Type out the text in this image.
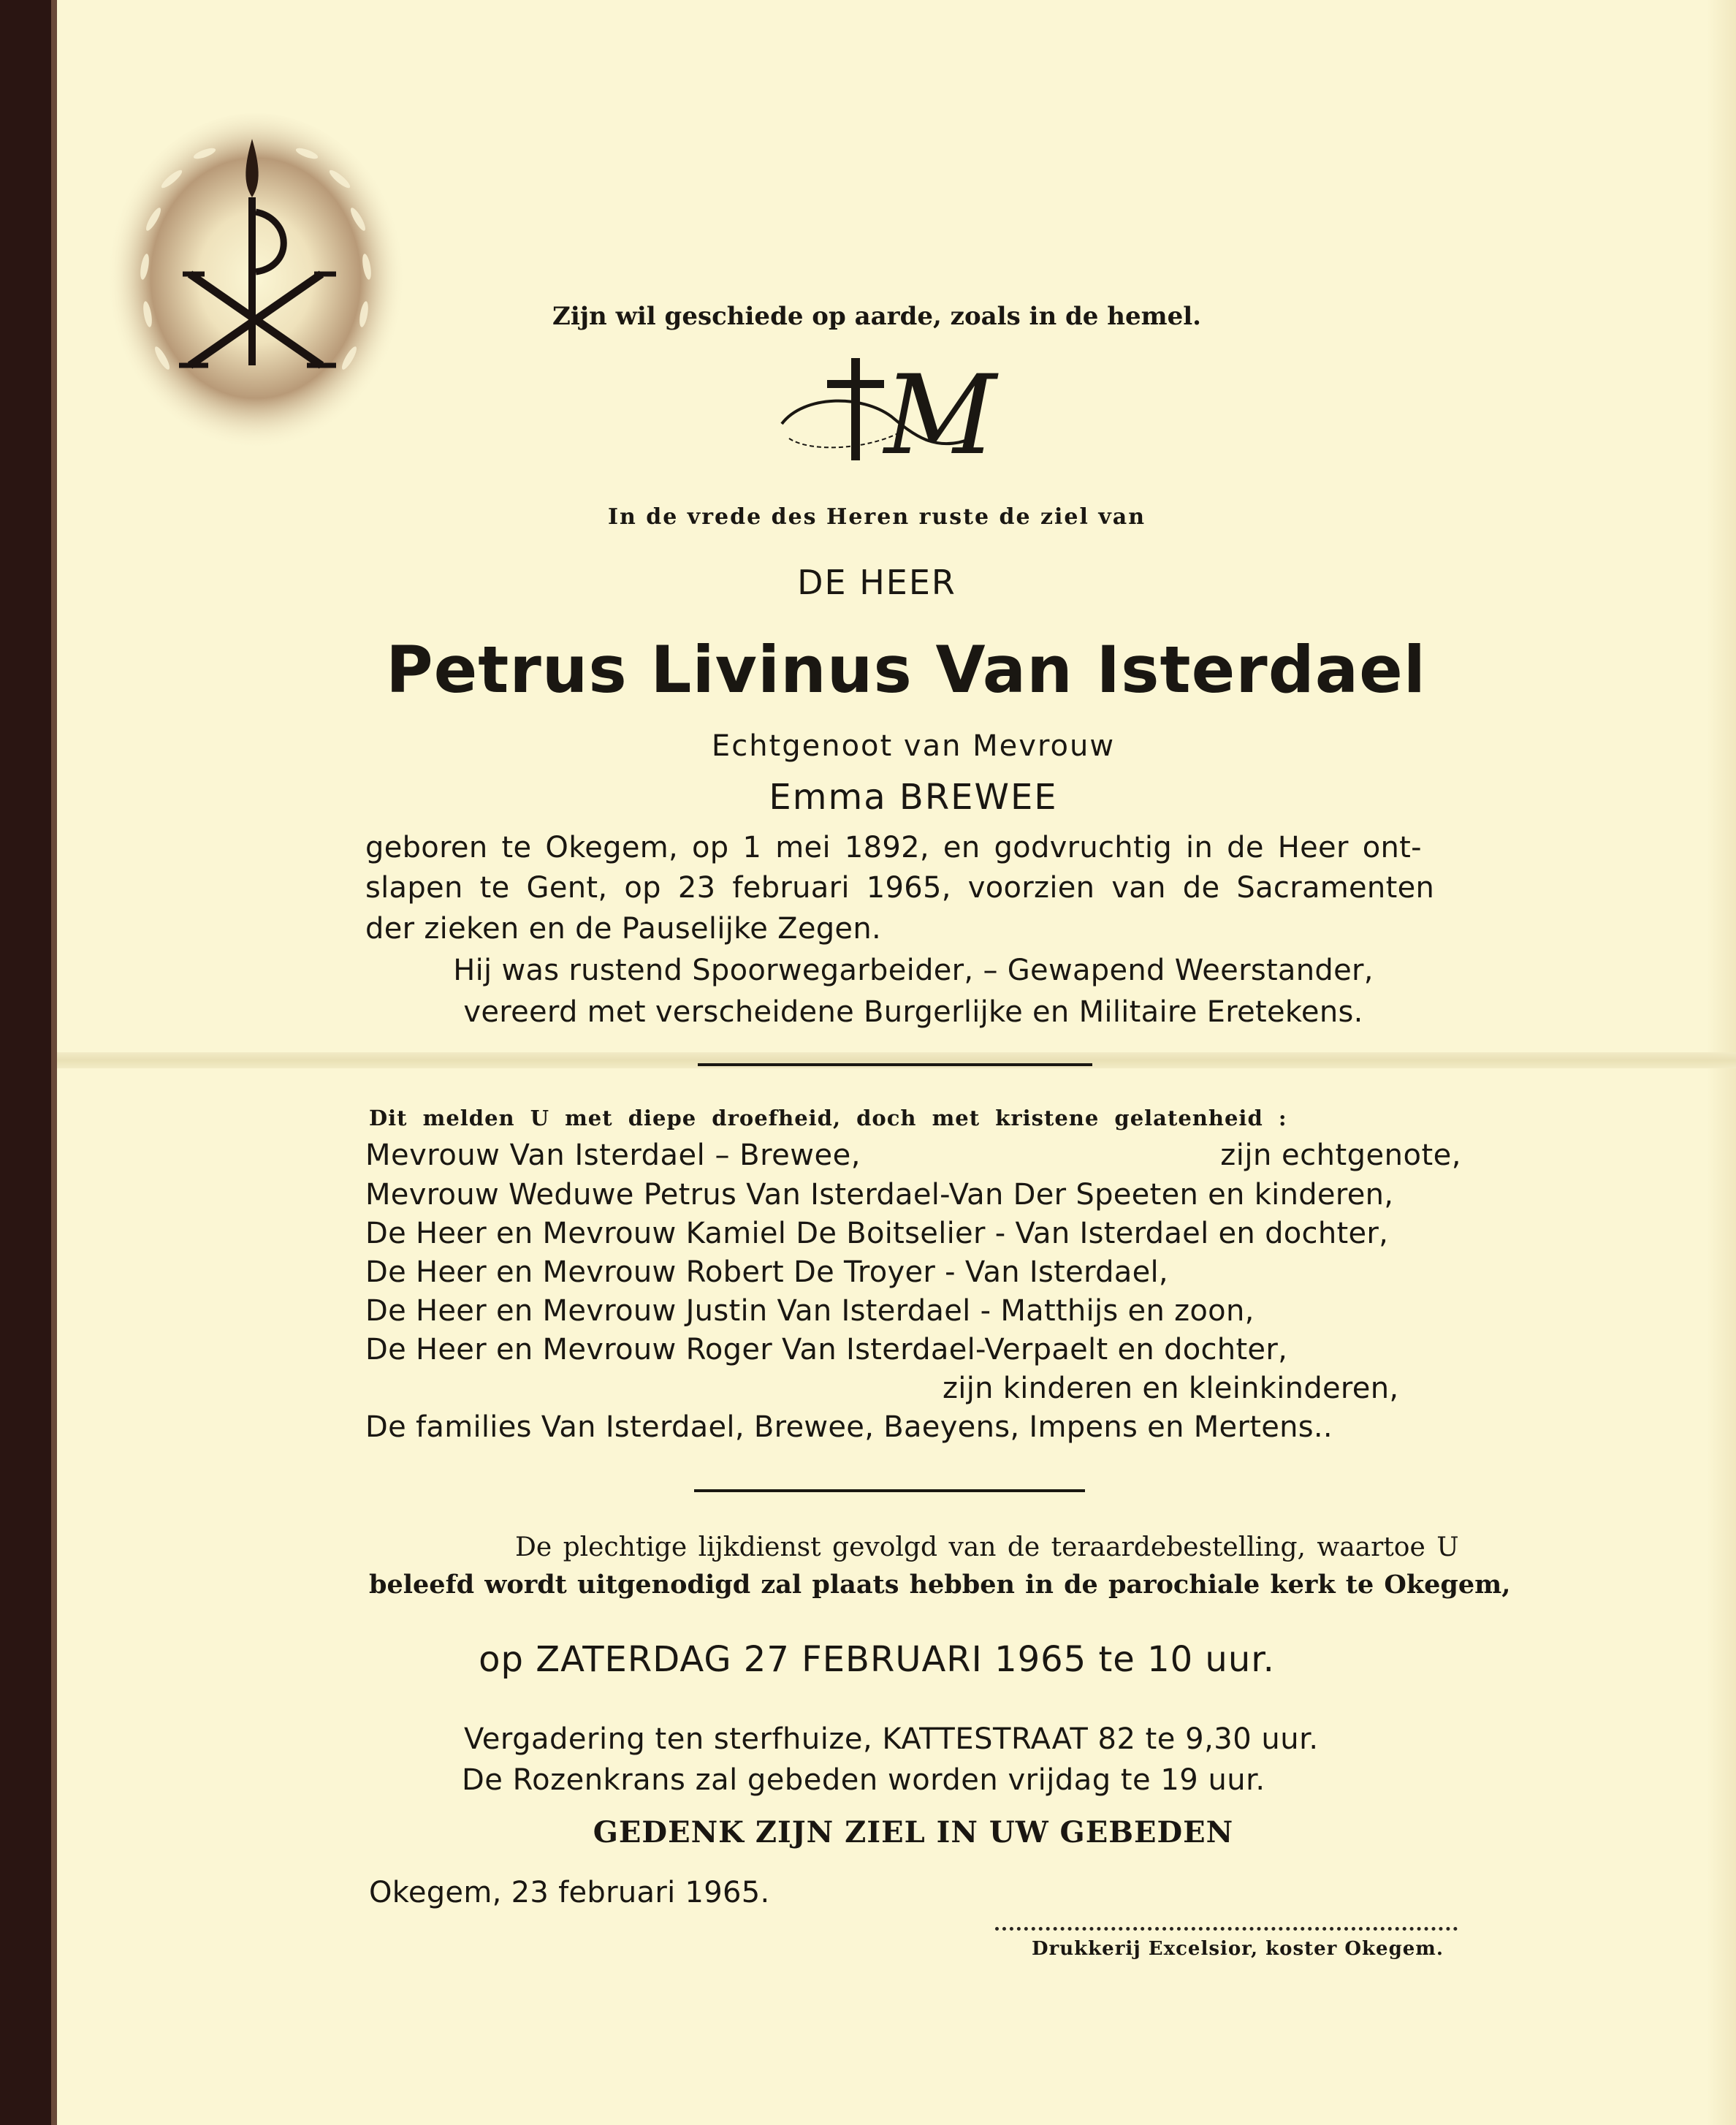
Zijn wil geschiede op aarde, zoals in de hemel.

M

In de vrede des Heren ruste de ziel van

DE HEER

Petrus Livinus Van Isterdael

Echtgenoot van Mevrouw

Emma BREWEE

geboren te Okegem, op 1 mei 1892, en godvruchtig in de Heer ont-

slapen te Gent, op 23 februari 1965, voorzien van de Sacramenten

der zieken en de Pauselijke Zegen.

Hij was rustend Spoorwegarbeider, – Gewapend Weerstander,

vereerd met verscheidene Burgerlijke en Militaire Eretekens.

Dit melden U met diepe droefheid, doch met kristene gelatenheid :

Mevrouw Van Isterdael – Brewee,	zijn echtgenote,

Mevrouw Weduwe Petrus Van Isterdael-Van Der Speeten en kinderen,

De Heer en Mevrouw Kamiel De Boitselier - Van Isterdael en dochter,

De Heer en Mevrouw Robert De Troyer - Van Isterdael,

De Heer en Mevrouw Justin Van Isterdael - Matthijs en zoon,

De Heer en Mevrouw Roger Van Isterdael-Verpaelt en dochter,

zijn kinderen en kleinkinderen,

De families Van Isterdael, Brewee, Baeyens, Impens en Mertens..

De plechtige lijkdienst gevolgd van de teraardebestelling, waartoe U

beleefd wordt uitgenodigd zal plaats hebben in de parochiale kerk te Okegem,

op ZATERDAG 27 FEBRUARI 1965 te 10 uur.

Vergadering ten sterfhuize, KATTESTRAAT 82 te 9,30 uur.

De Rozenkrans zal gebeden worden vrijdag te 19 uur.

GEDENK ZIJN ZIEL IN UW GEBEDEN

Okegem, 23 februari 1965.

Drukkerij Excelsior, koster Okegem.
